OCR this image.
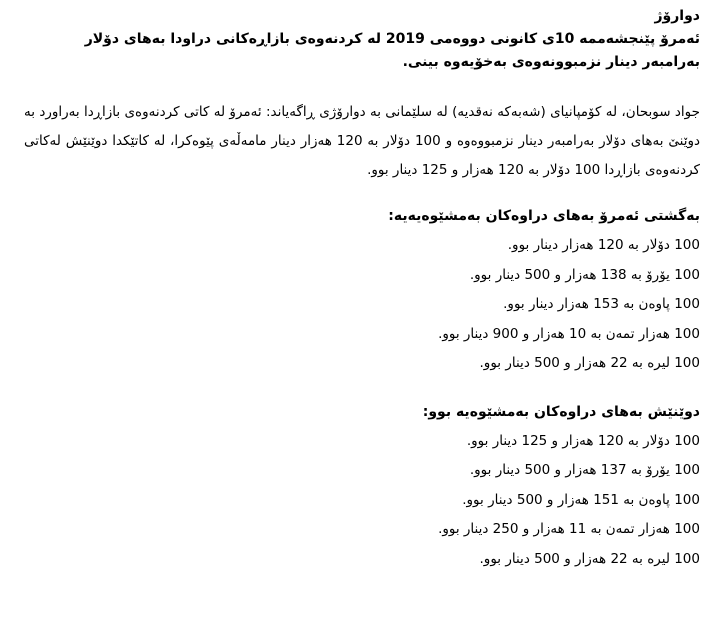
دوارۆژ

ئەمرۆ پێنجشەممە 10ی کانونی دووەمی 2019 لە کردنەوەی بازاڕەکانی دراودا بەهای دۆلار بەرامبەر دینار نزمبوونەوەی بەخۆیەوە بینی.

جواد سوبحان، لە کۆمپانیای (شەبەکە نەقدیە) لە سلێمانی بە دوارۆژی ڕاگەیاند: ئەمرۆ لە کاتی کردنەوەی بازاڕدا بەراورد بە دوێنێ بەهای دۆلار بەرامبەر دینار نزمبووەوە و 100 دۆلار بە 120 هەزار دینار مامەڵەی پێوەکرا، لە کاتێکدا دوێنێش لەکاتی کردنەوەی بازاڕدا 100 دۆلار بە 120 هەزار و 125 دینار بوو.

بەگشتی ئەمرۆ بەهای دراوەکان بەمشێوەیەیە:

100 دۆلار بە 120 هەزار دینار بوو.
100 یۆرۆ بە 138 هەزار و 500 دینار بوو.
100 پاوەن بە 153 هەزار دینار بوو.
100 هەزار تمەن بە 10 هەزار و 900 دینار بوو.
100 لیرە بە 22 هەزار و 500 دینار بوو.

دوێنێش بەهای دراوەکان بەمشێوەیە بوو:

100 دۆلار بە 120 هەزار و 125 دینار بوو.
100 یۆرۆ بە 137 هەزار و 500 دینار بوو.
100 پاوەن بە 151 هەزار و 500 دینار بوو.
100 هەزار تمەن بە 11 هەزار و 250 دینار بوو.
100 لیرە بە 22 هەزار و 500 دینار بوو.
